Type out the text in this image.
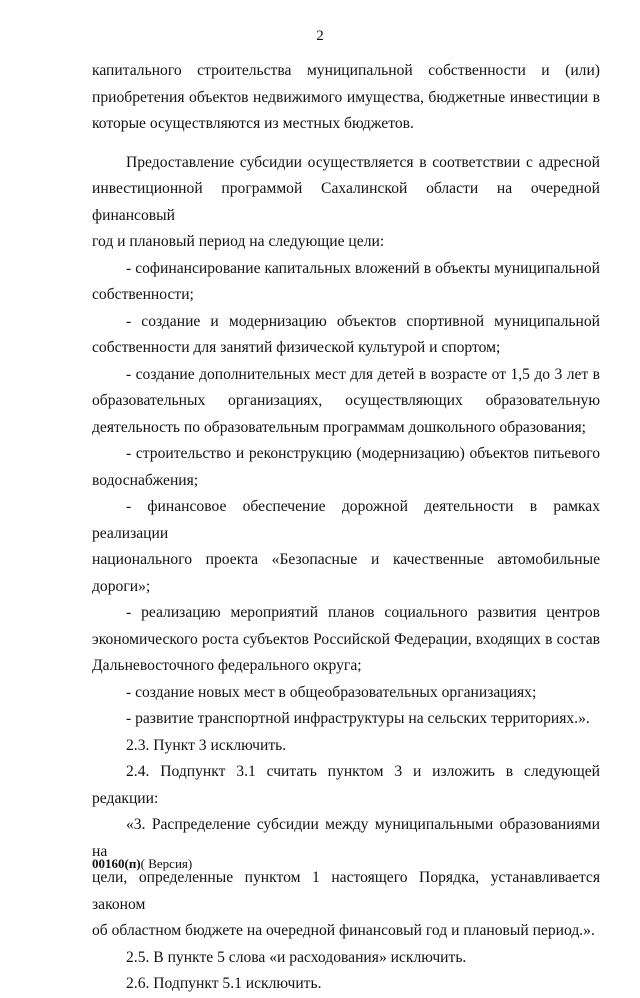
2

капитального строительства муниципальной собственности и (или)

приобретения объектов недвижимого имущества, бюджетные инвестиции в

которые осуществляются из местных бюджетов.

Предоставление субсидии осуществляется в соответствии с адресной

инвестиционной программой Сахалинской области на очередной финансовый

год и плановый период на следующие цели:

- софинансирование капитальных вложений в объекты муниципальной

собственности;

- создание и модернизацию объектов спортивной муниципальной

собственности для занятий физической культурой и спортом;

- создание дополнительных мест для детей в возрасте от 1,5 до 3 лет в

образовательных организациях, осуществляющих образовательную

деятельность по образовательным программам дошкольного образования;

- строительство и реконструкцию (модернизацию) объектов питьевого

водоснабжения;

- финансовое обеспечение дорожной деятельности в рамках реализации

национального проекта «Безопасные и качественные автомобильные дороги»;

- реализацию мероприятий планов социального развития центров

экономического роста субъектов Российской Федерации, входящих в состав

Дальневосточного федерального округа;

- создание новых мест в общеобразовательных организациях;

- развитие транспортной инфраструктуры на сельских территориях.».

2.3. Пункт 3 исключить.

2.4. Подпункт 3.1 считать пунктом 3 и изложить в следующей редакции:

«3. Распределение субсидии между муниципальными образованиями на

цели, определенные пунктом 1 настоящего Порядка, устанавливается законом

об областном бюджете на очередной финансовый год и плановый период.».

2.5. В пункте 5 слова «и расходования» исключить.

2.6. Подпункт 5.1 исключить.

00160(п)( Версия)
